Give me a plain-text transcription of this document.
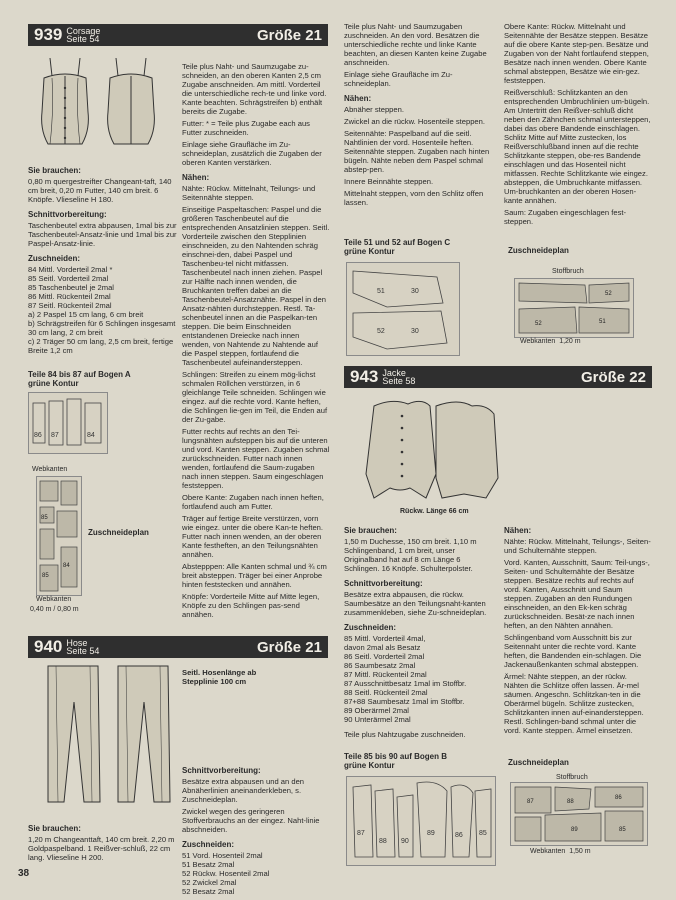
939 Corsage
Seite 54	Größe 21
Sie brauchen:

0,80 m quergestreifter Changeant-taft, 140 cm breit, 0,20 m Futter, 140 cm breit. 6 Knöpfe. Vlieseline H 180.

Schnittvorbereitung:

Taschenbeutel extra abpausen, 1mal bis zur Taschenbeutel-Ansatz-linie und 1mal bis zur Paspel-Ansatz-linie.

Zuschneiden:
84 Mittl. Vorderteil 2mal *
85 Seitl. Vorderteil 2mal
85 Taschenbeutel je 2mal
86 Mittl. Rückenteil 2mal
87 Seitl. Rückenteil 2mal
a) 2 Paspel 15 cm lang, 6 cm breit
b) Schrägstreifen für 6 Schlingen insgesamt 30 cm lang, 2 cm breit
c) 2 Träger 50 cm lang, 2,5 cm breit, fertige Breite 1,2 cm
Teile 84 bis 87 auf Bogen A
grüne Kontur
86 87	84
Webkanten
85
85
84
Webkanten
0,40 m / 0,80 m
Zuschneideplan

Teile plus Naht- und Saumzugabe zu-schneiden, an den oberen Kanten 2,5 cm Zugabe anschneiden. Am mittl. Vorderteil die unterschiedliche rech-te und linke vord. Kante beachten. Schrägstreifen b) enthält bereits die Zugabe.

Futter: * = Teile plus Zugabe each aus Futter zuschneiden.

Einlage siehe Graufläche im Zu-schneideplan, zusätzlich die Zugaben der oberen Kanten verstärken.

Nähen:

Nähte: Rückw. Mittelnaht, Teilungs- und Seitennähte steppen.

Einseitige Paspeltaschen: Paspel und die größeren Taschenbeutel auf die entsprechenden Ansatzlinien steppen. Seitl. Vorderteile zwischen den Stepplinien einschneiden, zu den Nahtenden schräg einschnei-den, dabei Paspel und Taschenbeu-tel nicht mitfassen. Taschenbeutel nach innen ziehen. Paspel zur Hälfte nach innen wenden, die Bruchkanten treffen dabei an die Taschenbeutel-Ansatznähte. Paspel in den Ansatz-nähten durchsteppen. Restl. Ta-schenbeutel innen an die Paspelkan-ten steppen. Die beim Einschneiden entstandenen Dreiecke nach innen wenden, von Nahtende zu Nahtende auf die Paspel steppen, fortlaufend die Taschenbeutel aufeinandersteppen.

Schlingen: Streifen zu einem mög-lichst schmalen Röllchen verstürzen, in 6 gleichlange Teile schneiden. Schlingen wie eingez. auf die rechte vord. Kante heften, die Schlingen lie-gen im Teil, die Enden auf der Zu-gabe.

Futter rechts auf rechts an den Tei-lungsnähten aufsteppen bis auf die unteren und vord. Kanten steppen. Zugaben schmal zurückschneiden. Futter nach innen wenden, fortlaufend die Saum-zugaben nach innen steppen. Saum eingeschlagen feststeppen.

Obere Kante: Zugaben nach innen heften, fortlaufend auch am Futter.

Träger auf fertige Breite verstürzen, vorn wie eingez. unter die obere Kan-te heften. Futter nach innen wenden, an der oberen Kante festheften, an den Teilungsnähten annähen.

Abstepppen: Alle Kanten schmal und ¾ cm breit absteppen. Träger bei einer Anprobe hinten feststecken und annähen.

Knöpfe: Vorderteile Mitte auf Mitte legen, Knöpfe zu den Schlingen pas-send annähen.

940 Hose
Seite 54	Größe 21
Sie brauchen:

1,20 m Changeanttaft, 140 cm breit. 2,20 m Goldpaspelband. 1 Reißver-schluß, 22 cm lang. Vlieseline H 200.

Seitl. Hosenlänge ab Stepplinie 100 cm
Schnittvorbereitung:

Besätze extra abpausen und an den Abnäherlinien aneinanderkleben, s. Zuschneideplan.

Zwickel wegen des geringeren Stoffverbrauchs an der eingez. Naht-linie abschneiden.

Zuschneiden:
51 Vord. Hosenteil 2mal
51 Besatz 2mal
52 Rückw. Hosenteil 2mal
52 Zwickel 2mal
52 Besatz 2mal

Teile plus Naht- und Saumzugaben zuschneiden. An den vord. Besätzen die unterschiedliche rechte und linke Kante beachten, an diesen Kanten keine Zugabe anschneiden.

Einlage siehe Graufläche im Zu-schneideplan.

Nähen:

Abnäher steppen.

Zwickel an die rückw. Hosenteile steppen.

Seitennähte: Paspelband auf die seitl. Nahtlinien der vord. Hosenteile heften. Seitennähte steppen. Zugaben nach hinten bügeln. Nähte neben dem Paspel schmal abstep-pen.

Innere Beinnähte steppen.

Mittelnaht steppen, vorn den Schlitz offen lassen.

Teile 51 und 52 auf Bogen C
grüne Kontur
51	30
52	30

Obere Kante: Rückw. Mittelnaht und Seitennähte der Besätze steppen. Besätze auf die obere Kante step-pen. Besätze und Zugaben von der Naht fortlaufend steppen, Besätze nach innen wenden. Obere Kante schmal absteppen, Besätze wie ein-gez. feststeppen.

Reißverschluß: Schlitzkanten an den entsprechenden Umbruchlinien um-bügeln. Am Untertritt den Reißver-schluß dicht neben den Zähnchen schmal untersteppen, dabei das obere Bandende einschlagen. Schlitz Mitte auf Mitte zustecken, los Reißverschlußband innen auf die rechte Schlitzkante steppen, obe-res Bandende einschlagen und das Hosenteil nicht mitfassen. Rechte Schlitzkante wie eingez. absteppen, die Umbruchkante mitfassen. Um-bruchkanten an der oberen Hosen-kante annähen.

Saum: Zugaben eingeschlagen fest-steppen.

Zuschneideplan
Stoffbruch
52
52	51
Webkanten 1,20 m
943 Jacke
Seite 58	Größe 22
Rückw. Länge 66 cm
Sie brauchen:

1,50 m Duchesse, 150 cm breit. 1,10 m Schlingenband, 1 cm breit, unser Originalband hat auf 8 cm Länge 6 Schlingen. 16 Knöpfe. Schulterpolster.

Schnittvorbereitung:

Besätze extra abpausen, die rückw. Saumbesätze an den Teilungsnaht-kanten zusammenkleben, siehe Zu-schneideplan.

Zuschneiden:
85 Mittl. Vorderteil 4mal,
davon 2mal als Besatz
86 Seitl. Vorderteil 2mal
86 Saumbesatz 2mal
87 Mittl. Rückenteil 2mal
87 Ausschnittbesatz 1mal im Stoffbr.
88 Seitl. Rückenteil 2mal
87+88 Saumbesatz 1mal im Stoffbr.
89 Oberärmel 2mal
90 Unterärmel 2mal

Teile plus Nahtzugabe zuschneiden.

Teile 85 bis 90 auf Bogen B
grüne Kontur
87
88 90
89	86 85
Nähen:

Nähte: Rückw. Mittelnaht, Teilungs-, Seiten- und Schulternähte steppen.

Vord. Kanten, Ausschnitt, Saum: Teil-ungs-, Seiten- und Schulternähte der Besätze steppen. Besätze rechts auf rechts auf vord. Kanten, Ausschnitt und Saum steppen. Zugaben an den Rundungen einschneiden, an den Ek-ken schräg zurückschneiden. Besät-ze nach innen heften, an den Nähten annähen.

Schlingenband vom Ausschnitt bis zur Seitennaht unter die rechte vord. Kante heften, die Bandenden ein-schlagen. Die Jackenaußenkanten schmal absteppen.

Ärmel: Nähte steppen, an der rückw. Nähten die Schlitze offen lassen. Är-mel säumen. Angeschn. Schlitzkan-ten in die Oberärmel bügeln. Schlitze zustecken, Schlitzkanten innen auf-einandersteppen. Restl. Schlingen-band schmal unter die vord. Kante steppen. Ärmel einsetzen.

Zuschneideplan
Stoffbruch
87	88
86
89	85
Webkanten 1,50 m
38
